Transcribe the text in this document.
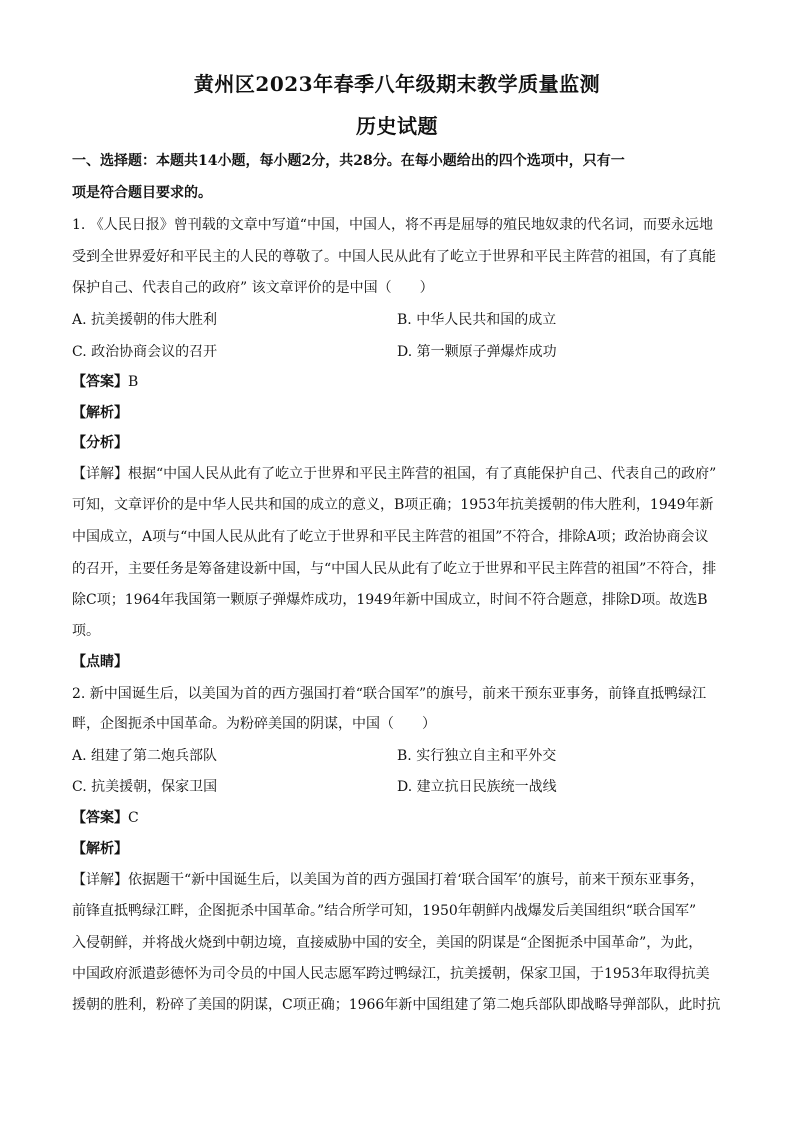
黄州区2023年春季八年级期末教学质量监测
历史试题
一、选择题：本题共14小题，每小题2分，共28分。在每小题给出的四个选项中，只有一
项是符合题目要求的。
1. 《人民日报》曾刊载的文章中写道“中国，中国人，将不再是屈辱的殖民地奴隶的代名词，而要永远地
受到全世界爱好和平民主的人民的尊敬了。中国人民从此有了屹立于世界和平民主阵营的祖国，有了真能
保护自己、代表自己的政府” 该文章评价的是中国（　　）
A. 抗美援朝的伟大胜利	B. 中华人民共和国的成立
C. 政治协商会议的召开	D. 第一颗原子弹爆炸成功
【答案】B
【解析】
【分析】
【详解】根据“中国人民从此有了屹立于世界和平民主阵营的祖国，有了真能保护自己、代表自己的政府”
可知，文章评价的是中华人民共和国的成立的意义，B项正确；1953年抗美援朝的伟大胜利，1949年新
中国成立，A项与“中国人民从此有了屹立于世界和平民主阵营的祖国”不符合，排除A项；政治协商会议
的召开，主要任务是筹备建设新中国，与“中国人民从此有了屹立于世界和平民主阵营的祖国”不符合，排
除C项；1964年我国第一颗原子弹爆炸成功，1949年新中国成立，时间不符合题意，排除D项。故选B
项。
【点睛】
2. 新中国诞生后，以美国为首的西方强国打着“联合国军”的旗号，前来干预东亚事务，前锋直抵鸭绿江
畔，企图扼杀中国革命。为粉碎美国的阴谋，中国（　　）
A. 组建了第二炮兵部队	B. 实行独立自主和平外交
C. 抗美援朝，保家卫国	D. 建立抗日民族统一战线
【答案】C
【解析】
【详解】依据题干“新中国诞生后，以美国为首的西方强国打着‘联合国军’的旗号，前来干预东亚事务，
前锋直抵鸭绿江畔，企图扼杀中国革命。”结合所学可知，1950年朝鲜内战爆发后美国组织“联合国军”
入侵朝鲜，并将战火烧到中朝边境，直接威胁中国的安全，美国的阴谋是“企图扼杀中国革命”，为此，
中国政府派遣彭德怀为司令员的中国人民志愿军跨过鸭绿江，抗美援朝，保家卫国，于1953年取得抗美
援朝的胜利，粉碎了美国的阴谋，C项正确；1966年新中国组建了第二炮兵部队即战略导弹部队，此时抗
